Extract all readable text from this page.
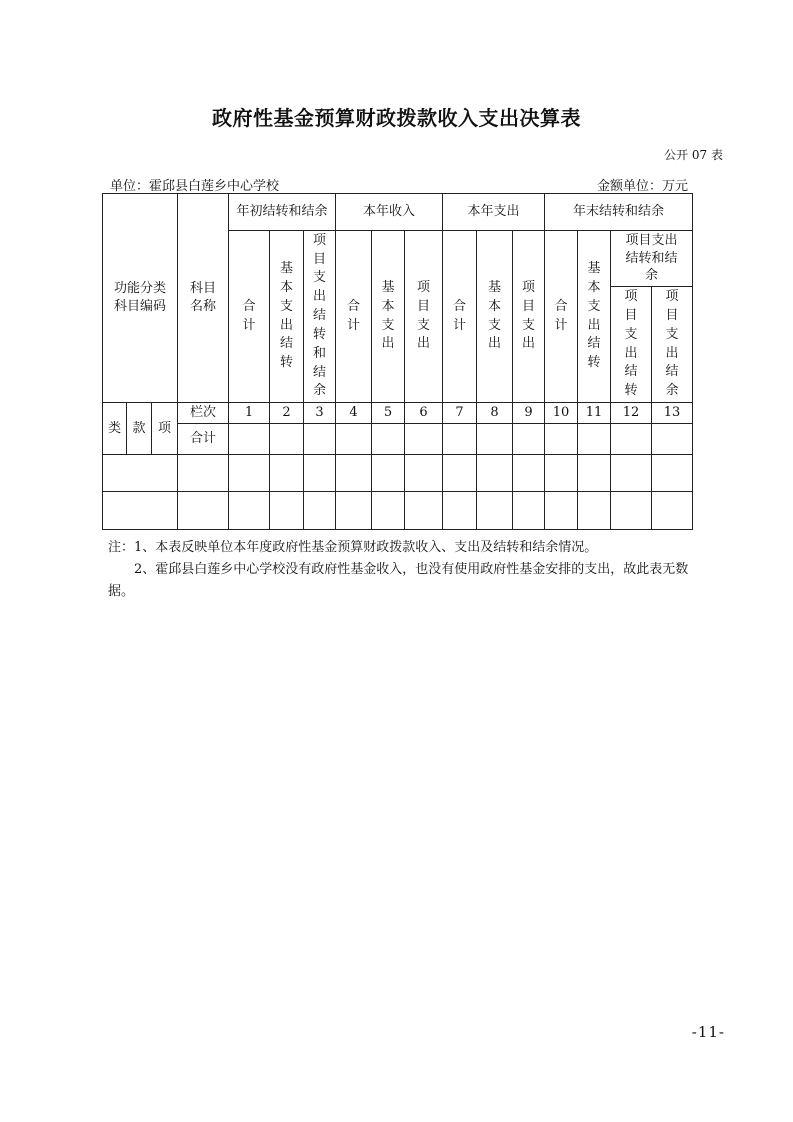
政府性基金预算财政拨款收入支出决算表
公开 07 表
单位：霍邱县白莲乡中心学校	金额单位：万元
功能分类科目编码			科目名称	年初结转和结余			本年收入			本年支出			年末结转和结余			
				合计	基本支出结转	项目支出结转和结余	合计	基本支出	项目支出	合计	基本支出	项目支出	合计	基本支出结转	项目支出结转和结余	
															项目支出结转	项目支出结余
类	款	项	栏次	1	2	3	4	5	6	7	8	9	10	11	12	13
			合计													

注：1、本表反映单位本年度政府性基金预算财政拨款收入、支出及结转和结余情况。

2、霍邱县白莲乡中心学校没有政府性基金收入，也没有使用政府性基金安排的支出，故此表无数据。

-11-
